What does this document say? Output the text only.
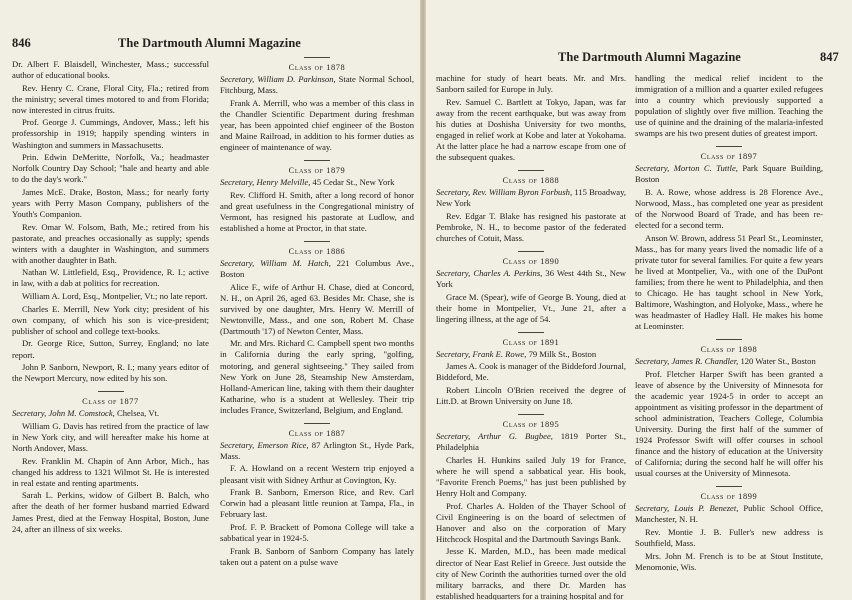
846	The Dartmouth Alumni Magazine

Dr. Albert F. Blaisdell, Winchester, Mass.; successful author of educational books.

Rev. Henry C. Crane, Floral City, Fla.; retired from the ministry; several times motored to and from Florida; now interested in citrus fruits.

Prof. George J. Cummings, Andover, Mass.; left his professorship in 1919; happily spending winters in Washington and summers in Massachusetts.

Prin. Edwin DeMeritte, Norfolk, Va.; headmaster Norfolk Country Day School; "hale and hearty and able to do the day's work."

James McE. Drake, Boston, Mass.; for nearly forty years with Perry Mason Company, publishers of the Youth's Companion.

Rev. Omar W. Folsom, Bath, Me.; retired from his pastorate, and preaches occasionally as supply; spends winters with a daughter in Washington, and summers with another daughter in Bath.

Nathan W. Littlefield, Esq., Providence, R. I.; active in law, with a dab at politics for recreation.

William A. Lord, Esq., Montpelier, Vt.; no late report.

Charles E. Merrill, New York city; president of his own company, of which his son is vice-president; publisher of school and college text-books.

Dr. George Rice, Sutton, Surrey, England; no late report.

John P. Sanborn, Newport, R. I.; many years editor of the Newport Mercury, now edited by his son.

Class of 1877

Secretary, John M. Comstock, Chelsea, Vt.

William G. Davis has retired from the practice of law in New York city, and will hereafter make his home at North Andover, Mass.

Rev. Franklin M. Chapin of Ann Arbor, Mich., has changed his address to 1321 Wilmot St. He is interested in real estate and renting apartments.

Sarah L. Perkins, widow of Gilbert B. Balch, who after the death of her former husband married Edward James Prest, died at the Fenway Hospital, Boston, June 24, after an illness of six weeks.

Class of 1878

Secretary, William D. Parkinson, State Normal School, Fitchburg, Mass.

Frank A. Merrill, who was a member of this class in the Chandler Scientific Department during freshman year, has been appointed chief engineer of the Boston and Maine Railroad, in addition to his former duties as engineer of maintenance of way.

Class of 1879

Secretary, Henry Melville, 45 Cedar St., New York

Rev. Clifford H. Smith, after a long record of honor and great usefulness in the Congregational ministry of Vermont, has resigned his pastorate at Ludlow, and established a home at Proctor, in that state.

Class of 1886

Secretary, William M. Hatch, 221 Columbus Ave., Boston

Alice F., wife of Arthur H. Chase, died at Concord, N. H., on April 26, aged 63. Besides Mr. Chase, she is survived by one daughter, Mrs. Henry W. Merrill of Newtonville, Mass., and one son, Robert M. Chase (Dartmouth '17) of Newton Center, Mass.

Mr. and Mrs. Richard C. Campbell spent two months in California during the early spring, "golfing, motoring, and general sightseeing." They sailed from New York on June 28, Steamship New Amsterdam, Holland-American line, taking with them their daughter Katharine, who is a student at Wellesley. Their trip includes France, Switzerland, Belgium, and England.

Class of 1887

Secretary, Emerson Rice, 87 Arlington St., Hyde Park, Mass.

F. A. Howland on a recent Western trip enjoyed a pleasant visit with Sidney Arthur at Covington, Ky.

Frank B. Sanborn, Emerson Rice, and Rev. Carl Corwin had a pleasant little reunion at Tampa, Fla., in February last.

Prof. F. P. Brackett of Pomona College will take a sabbatical year in 1924-5.

Frank B. Sanborn of Sanborn Company has lately taken out a patent on a pulse wave

The Dartmouth Alumni Magazine	847

machine for study of heart beats. Mr. and Mrs. Sanborn sailed for Europe in July.

Rev. Samuel C. Bartlett at Tokyo, Japan, was far away from the recent earthquake, but was away from his duties at Doshisha University for two months, engaged in relief work at Kobe and later at Yokohama. At the latter place he had a narrow escape from one of the subsequent quakes.

Class of 1888

Secretary, Rev. William Byron Forbush, 115 Broadway, New York

Rev. Edgar T. Blake has resigned his pastorate at Pembroke, N. H., to become pastor of the federated churches of Cotuit, Mass.

Class of 1890

Secretary, Charles A. Perkins, 36 West 44th St., New York

Grace M. (Spear), wife of George B. Young, died at their home in Montpelier, Vt., June 21, after a lingering illness, at the age of 54.

Class of 1891

Secretary, Frank E. Rowe, 79 Milk St., Boston

James A. Cook is manager of the Biddeford Journal, Biddeford, Me.

Robert Lincoln O'Brien received the degree of Litt.D. at Brown University on June 18.

Class of 1895

Secretary, Arthur G. Bugbee, 1819 Porter St., Philadelphia

Charles H. Hunkins sailed July 19 for France, where he will spend a sabbatical year. His book, "Favorite French Poems," has just been published by Henry Holt and Company.

Prof. Charles A. Holden of the Thayer School of Civil Engineering is on the board of selectmen of Hanover and also on the corporation of Mary Hitchcock Hospital and the Dartmouth Savings Bank.

Jesse K. Marden, M.D., has been made medical director of Near East Relief in Greece. Just outside the city of New Corinth the authorities turned over the old military barracks, and there Dr. Marden has established headquarters for a training hospital and for

handling the medical relief incident to the immigration of a million and a quarter exiled refugees into a country which previously supported a population of slightly over five million. Teaching the use of quinine and the draining of the malaria-infested swamps are his two present duties of greatest import.

Class of 1897

Secretary, Morton C. Tuttle, Park Square Building, Boston

B. A. Rowe, whose address is 28 Florence Ave., Norwood, Mass., has completed one year as president of the Norwood Board of Trade, and has been re-elected for a second term.

Anson W. Brown, address 51 Pearl St., Leominster, Mass., has for many years lived the nomadic life of a private tutor for several families. For quite a few years he lived at Montpelier, Va., with one of the DuPont families; from there he went to Philadelphia, and then to Chicago. He has taught school in New York, Baltimore, Washington, and Holyoke, Mass., where he was headmaster of Hadley Hall. He makes his home at Leominster.

Class of 1898

Secretary, James R. Chandler, 120 Water St., Boston

Prof. Fletcher Harper Swift has been granted a leave of absence by the University of Minnesota for the academic year 1924-5 in order to accept an appointment as visiting professor in the department of school administration, Teachers College, Columbia University. During the first half of the summer of 1924 Professor Swift will offer courses in school finance and the history of education at the University of California; during the second half he will offer his usual courses at the University of Minnesota.

Class of 1899

Secretary, Louis P. Benezet, Public School Office, Manchester, N. H.

Rev. Montie J. B. Fuller's new address is Southfield, Mass.

Mrs. John M. French is to be at Stout Institute, Menomonie, Wis.
